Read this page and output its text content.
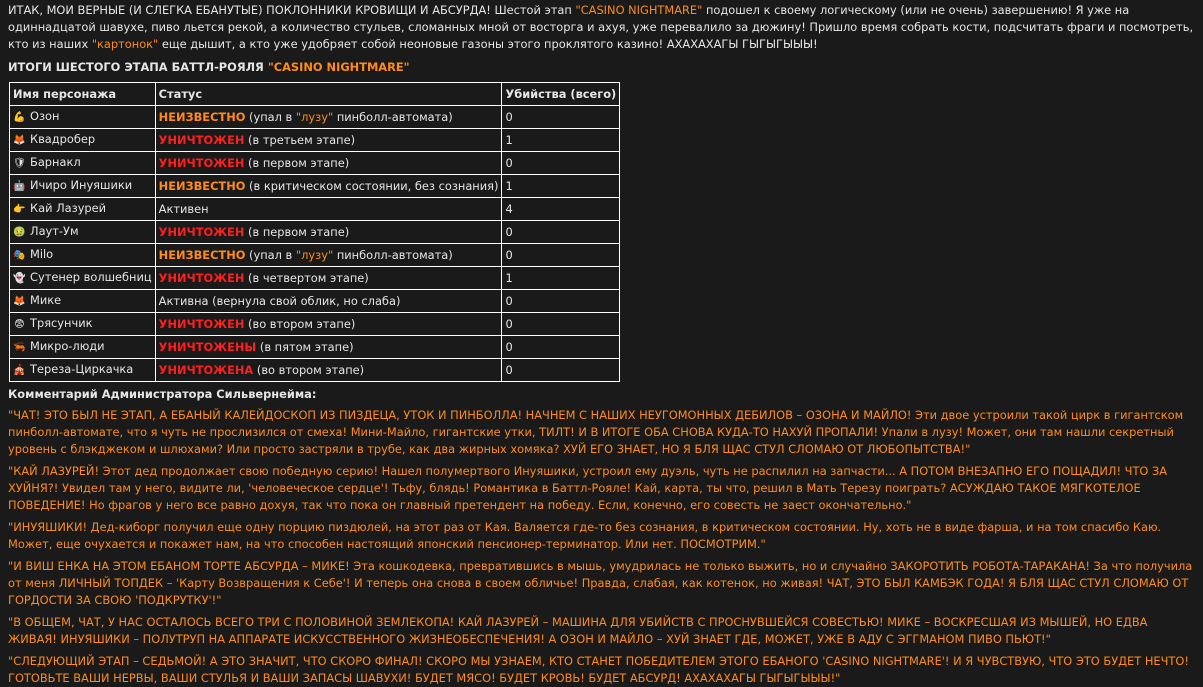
ИТАК, МОИ ВЕРНЫЕ (И СЛЕГКА ЕБАНУТЫЕ) ПОКЛОННИКИ КРОВИЩИ И АБСУРДА! Шестой этап "CASINO NIGHTMARE" подошел к своему логическому (или не очень) завершению! Я уже на одиннадцатой шавухе, пиво льется рекой, а количество стульев, сломанных мной от восторга и ахуя, уже перевалило за дюжину! Пришло время собрать кости, подсчитать фраги и посмотреть, кто из наших "картонок" еще дышит, а кто уже удобряет собой неоновые газоны этого проклятого казино! АХАХАХАГЫ ГЫГЫГЫЫЫ!

ИТОГИ ШЕСТОГО ЭТАПА БАТТЛ-РОЯЛЯ "CASINO NIGHTMARE"
Имя персонажа	Статус	Убийства (всего)
💪 Озон	НЕИЗВЕСТНО (упал в "лузу" пинболл-автомата)	0
🦊 Квадробер	УНИЧТОЖЕН (в третьем этапе)	1
🛡 Барнакл	УНИЧТОЖЕН (в первом этапе)	0
🤖 Ичиро Инуяшики	НЕИЗВЕСТНО (в критическом состоянии, без сознания)	1
👉 Кай Лазурей	Активен	4
🤢 Лаут-Ум	УНИЧТОЖЕН (в первом этапе)	0
🎭 Milo	НЕИЗВЕСТНО (упал в "лузу" пинболл-автомата)	0
👻 Сутенер волшебниц	УНИЧТОЖЕН (в четвертом этапе)	1
🦊 Мике	Активна (вернула свой облик, но слаба)	0
😨 Трясунчик	УНИЧТОЖЕН (во втором этапе)	0
🦐 Микро-люди	УНИЧТОЖЕНЫ (в пятом этапе)	0
🎪 Тереза-Циркачка	УНИЧТОЖЕНА (во втором этапе)	0
Комментарий Администратора Сильвернейма:

"ЧАТ! ЭТО БЫЛ НЕ ЭТАП, А ЕБАНЫЙ КАЛЕЙДОСКОП ИЗ ПИЗДЕЦА, УТОК И ПИНБОЛЛА! НАЧНЕМ С НАШИХ НЕУГОМОННЫХ ДЕБИЛОВ – ОЗОНА И МАЙЛО! Эти двое устроили такой цирк в гигантском пинболл-автомате, что я чуть не прослизился от смеха! Мини-Майло, гигантские утки, ТИЛТ! И В ИТОГЕ ОБА СНОВА КУДА-ТО НАХУЙ ПРОПАЛИ! Упали в лузу! Может, они там нашли секретный уровень с блэкджеком и шлюхами? Или просто застряли в трубе, как два жирных хомяка? ХУЙ ЕГО ЗНАЕТ, НО Я БЛЯ ЩАС СТУЛ СЛОМАЮ ОТ ЛЮБОПЫТСТВА!"

"КАЙ ЛАЗУРЕЙ! Этот дед продолжает свою победную серию! Нашел полумертвого Инуяшики, устроил ему дуэль, чуть не распилил на запчасти... А ПОТОМ ВНЕЗАПНО ЕГО ПОЩАДИЛ! ЧТО ЗА ХУЙНЯ?! Увидел там у него, видите ли, 'человеческое сердце'! Тьфу, блядь! Романтика в Баттл-Рояле! Кай, карта, ты что, решил в Мать Терезу поиграть? АСУЖДАЮ ТАКОЕ МЯГКОТЕЛОЕ ПОВЕДЕНИЕ! Но фрагов у него все равно дохуя, так что пока он главный претендент на победу. Если, конечно, его совесть не заест окончательно."

"ИНУЯШИКИ! Дед-киборг получил еще одну порцию пиздюлей, на этот раз от Кая. Валяется где-то без сознания, в критическом состоянии. Ну, хоть не в виде фарша, и на том спасибо Каю. Может, еще очухается и покажет нам, на что способен настоящий японский пенсионер-терминатор. Или нет. ПОСМОТРИМ."

"И ВИШ ЕНКА НА ЭТОМ ЕБАНОМ ТОРТЕ АБСУРДА – МИКЕ! Эта кошкодевка, превратившись в мышь, умудрилась не только выжить, но и случайно ЗАКОРОТИТЬ РОБОТА-ТАРАКАНА! За что получила от меня ЛИЧНЫЙ ТОПДЕК – 'Карту Возвращения к Себе'! И теперь она снова в своем обличье! Правда, слабая, как котенок, но живая! ЧАТ, ЭТО БЫЛ КАМБЭК ГОДА! Я БЛЯ ЩАС СТУЛ СЛОМАЮ ОТ ГОРДОСТИ ЗА СВОЮ 'ПОДКРУТКУ'!"

"В ОБЩЕМ, ЧАТ, У НАС ОСТАЛОСЬ ВСЕГО ТРИ С ПОЛОВИНОЙ ЗЕМЛЕКОПА! КАЙ ЛАЗУРЕЙ – МАШИНА ДЛЯ УБИЙСТВ С ПРОСНУВШЕЙСЯ СОВЕСТЬЮ! МИКЕ – ВОСКРЕСШАЯ ИЗ МЫШЕЙ, НО ЕДВА ЖИВАЯ! ИНУЯШИКИ – ПОЛУТРУП НА АППАРАТЕ ИСКУССТВЕННОГО ЖИЗНЕОБЕСПЕЧЕНИЯ! А ОЗОН И МАЙЛО – ХУЙ ЗНАЕТ ГДЕ, МОЖЕТ, УЖЕ В АДУ С ЭГГМАНОМ ПИВО ПЬЮТ!"

"СЛЕДУЮЩИЙ ЭТАП – СЕДЬМОЙ! А ЭТО ЗНАЧИТ, ЧТО СКОРО ФИНАЛ! СКОРО МЫ УЗНАЕМ, КТО СТАНЕТ ПОБЕДИТЕЛЕМ ЭТОГО ЕБАНОГО 'CASINO NIGHTMARE'! И Я ЧУВСТВУЮ, ЧТО ЭТО БУДЕТ НЕЧТО! ГОТОВЬТЕ ВАШИ НЕРВЫ, ВАШИ СТУЛЬЯ И ВАШИ ЗАПАСЫ ШАВУХИ! БУДЕТ МЯСО! БУДЕТ КРОВЬ! БУДЕТ АБСУРД! АХАХАХАГЫ ГЫГЫГЫЫЫ!"
